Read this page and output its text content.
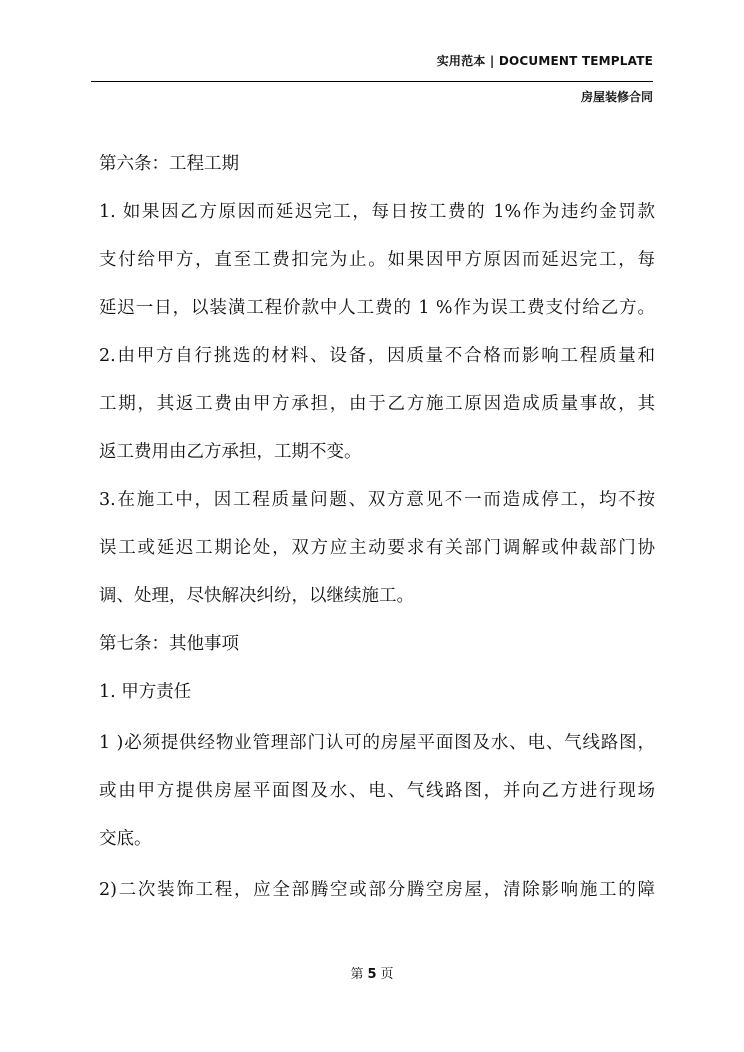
实用范本 | DOCUMENT TEMPLATE
房屋装修合同
第六条：工程工期
1. 如果因乙方原因而延迟完工，每日按工费的 1%作为违约金罚款
支付给甲方，直至工费扣完为止。如果因甲方原因而延迟完工，每
延迟一日，以装潢工程价款中人工费的 1 %作为误工费支付给乙方。
2.由甲方自行挑选的材料、设备，因质量不合格而影响工程质量和
工期，其返工费由甲方承担，由于乙方施工原因造成质量事故，其
返工费用由乙方承担，工期不变。
3.在施工中，因工程质量问题、双方意见不一而造成停工，均不按
误工或延迟工期论处，双方应主动要求有关部门调解或仲裁部门协
调、处理，尽快解决纠纷，以继续施工。
第七条：其他事项
1. 甲方责任
1 )必须提供经物业管理部门认可的房屋平面图及水、电、气线路图，
或由甲方提供房屋平面图及水、电、气线路图，并向乙方进行现场
交底。
2)二次装饰工程，应全部腾空或部分腾空房屋，清除影响施工的障
第 5 页
